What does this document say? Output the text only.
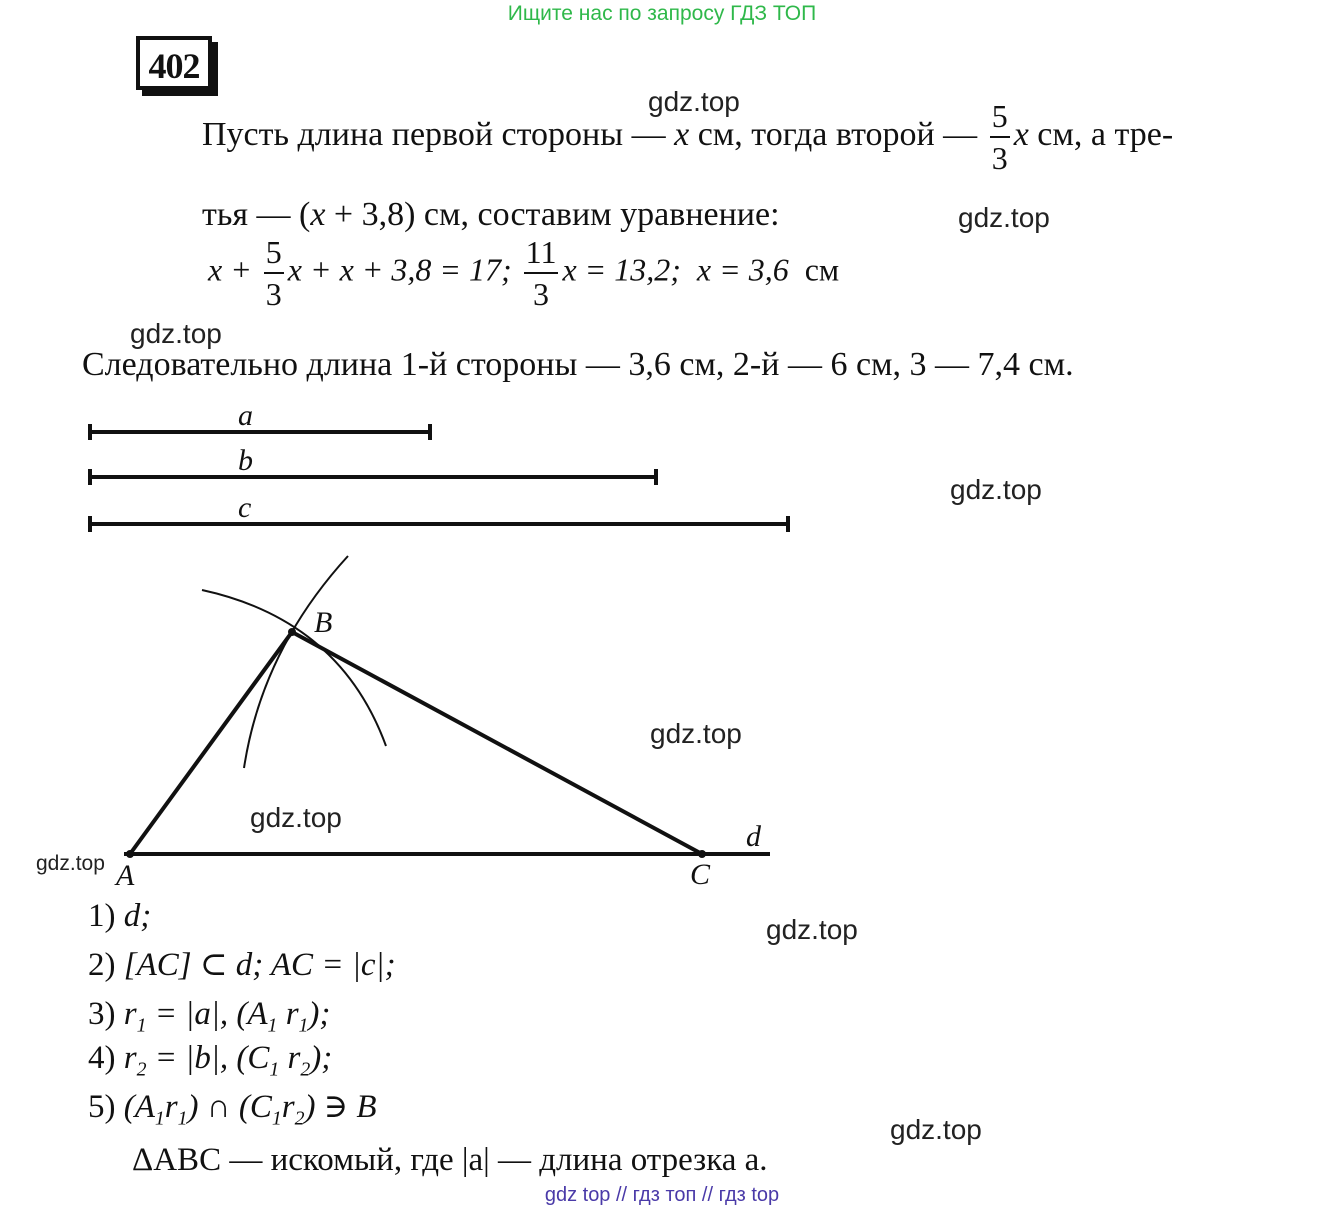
Ищите нас по запросу ГДЗ ТОП
402
gdz.top
gdz.top
gdz.top
gdz.top
gdz.top
gdz.top
gdz.top
gdz.top
gdz.top
Пусть длина первой стороны — x см, тогда второй — $\frac{5}{3}$ x см, а тре-
тья — (x + 3,8) см, составим уравнение:
$x + \frac{5}{3}$ x + x + 3,8 = 17; $\frac{11}{3}$ x = 13,2; x = 3,6 см
Следовательно длина 1-й стороны — 3,6 см, 2-й — 6 см, 3 — 7,4 см.
a
b
c
B
A	C
d
1) d;
2) [AC] ⊂ d; AC = |c|;
3) $r_1 = |a|$, ($A_1$ $r_1$);
4) $r_2 = |b|$, ($C_1$ $r_2$);
5) $(A_1r_1)$ ∩ $(C_1r_2)$ ∋ B
ΔABC — искомый, где |a| — длина отрезка a.
gdz top // гдз топ // гдз top
